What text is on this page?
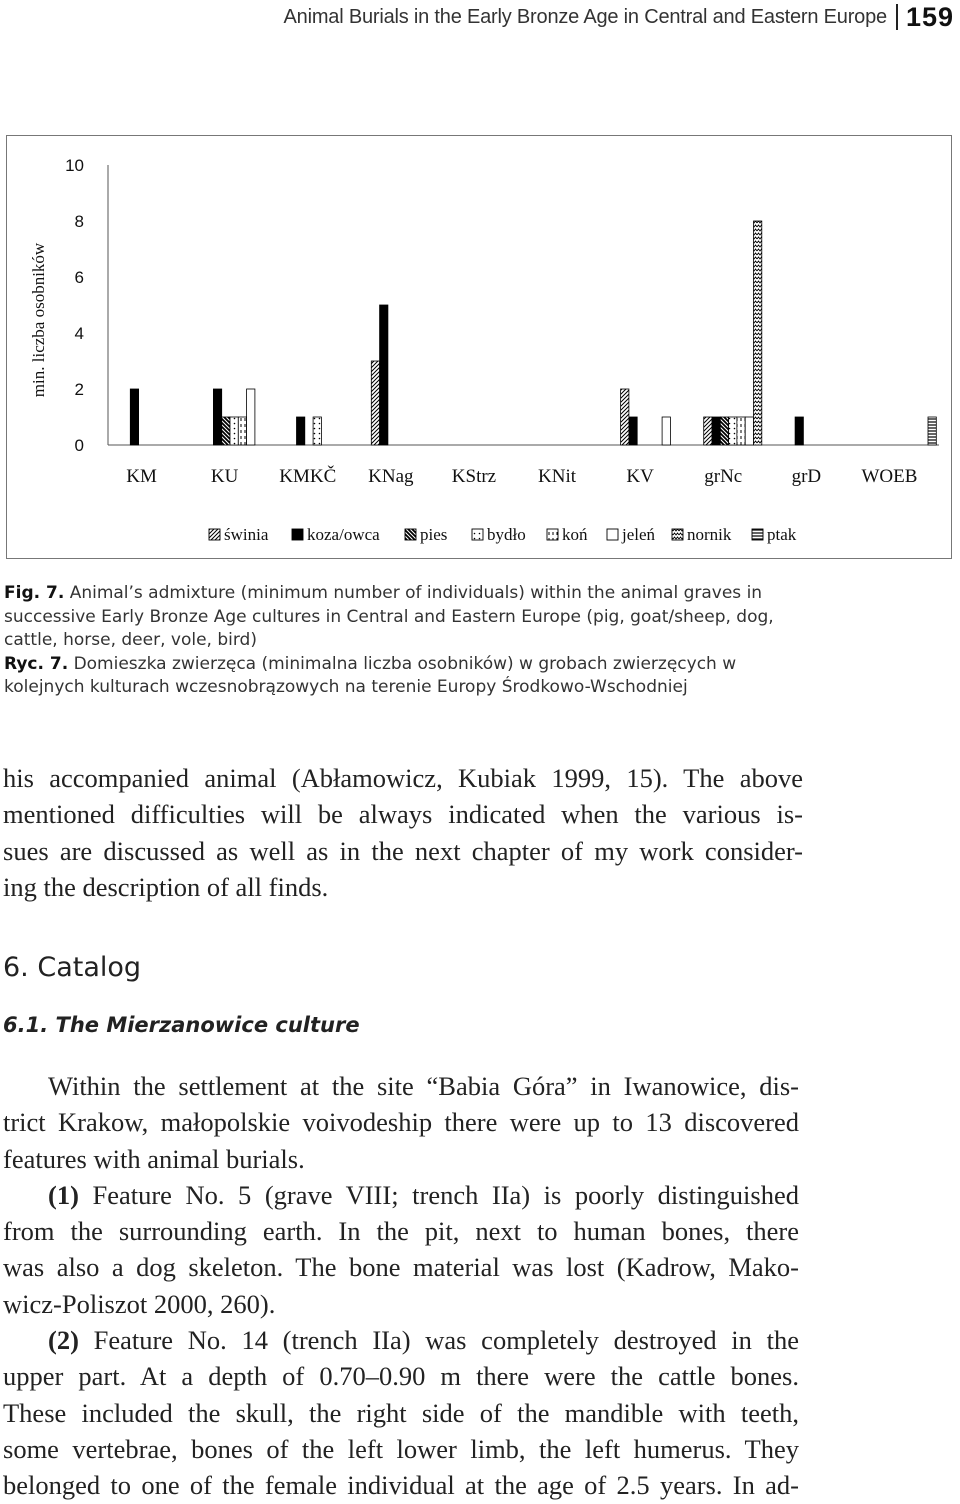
Animal Burials in the Early Bronze Age in Central and Eastern Europe 159
min. liczba osobników
0
2
4
6
8
10
KM	KU KMKČ KNag KStrz KNit	KV	grNc	grD WOEB
świnia koza/owca pies bydło koń jeleń nornik ptak

Fig. 7. Animal’s admixture (minimum number of individuals) within the animal graves in successive Early Bronze Age cultures in Central and Eastern Europe (pig, goat/sheep, dog, cattle, horse, deer, vole, bird)

Ryc. 7. Domieszka zwierzęca (minimalna liczba osobników) w grobach zwierzęcych w kolejnych kulturach wczesnobrązowych na terenie Europy Środkowo-Wschodniej

his accompanied animal (Abłamowicz, Kubiak 1999, 15). The above
mentioned difficulties will be always indicated when the various is-
sues are discussed as well as in the next chapter of my work consider-
ing the description of all finds.
6. Catalog
6.1. The Mierzanowice culture
Within the settlement at the site “Babia Góra” in Iwanowice, dis-
trict Krakow, małopolskie voivodeship there were up to 13 discovered
features with animal burials.
(1) Feature No. 5 (grave VIII; trench IIa) is poorly distinguished
from the surrounding earth. In the pit, next to human bones, there
was also a dog skeleton. The bone material was lost (Kadrow, Mako-
wicz-Poliszot 2000, 260).
(2) Feature No. 14 (trench IIa) was completely destroyed in the
upper part. At a depth of 0.70–0.90 m there were the cattle bones.
These included the skull, the right side of the mandible with teeth,
some vertebrae, bones of the left lower limb, the left humerus. They
belonged to one of the female individual at the age of 2.5 years. In ad-
